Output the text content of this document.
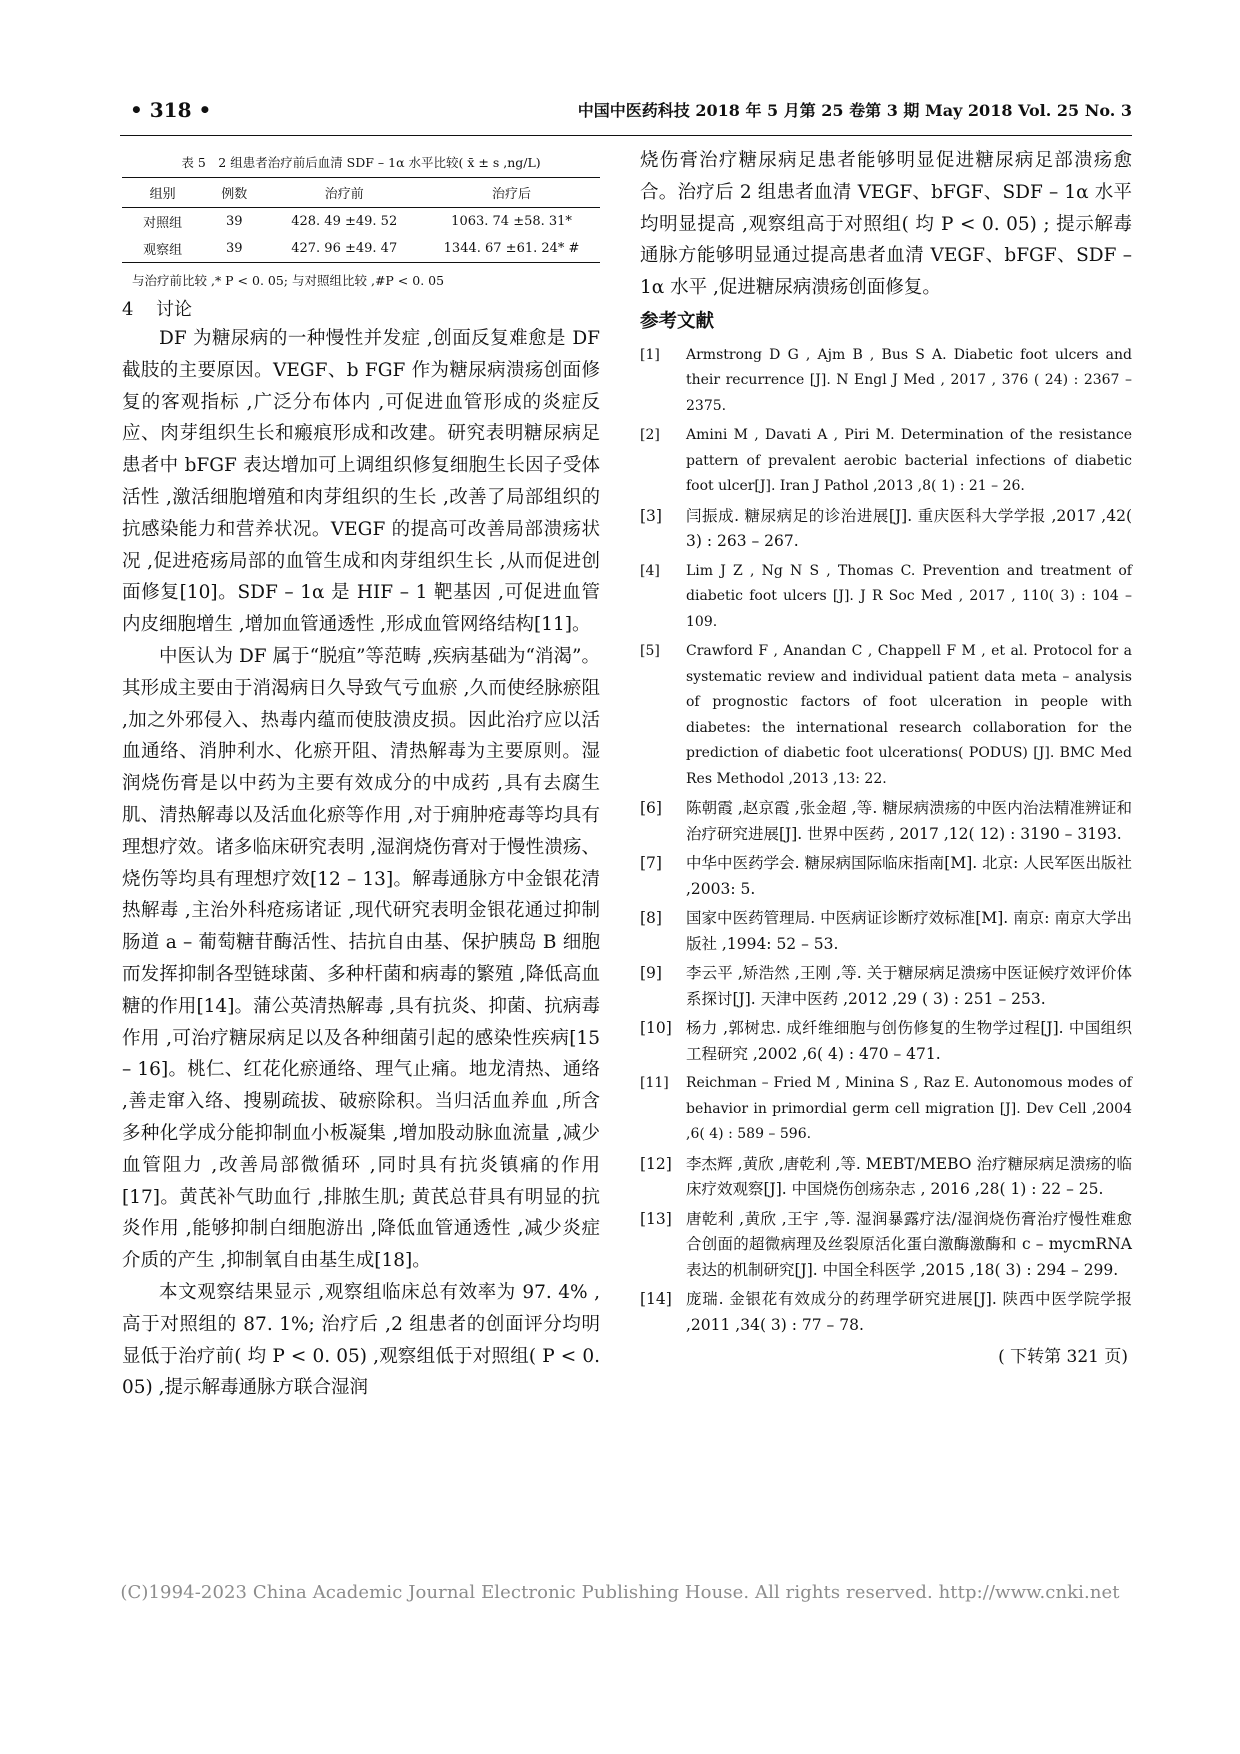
• 318 •	中国中医药科技 2018 年 5 月第 25 卷第 3 期 May 2018 Vol. 25 No. 3
表 5　2 组患者治疗前后血清 SDF – 1α 水平比较( x̄ ± s ,ng/L)
组别	例数	治疗前	治疗后
对照组	39	428. 49 ±49. 52	1063. 74 ±58. 31*
观察组	39	427. 96 ±49. 47	1344. 67 ±61. 24* #
与治疗前比较 ,* P < 0. 05; 与对照组比较 ,#P < 0. 05
4 讨论

DF 为糖尿病的一种慢性并发症 ,创面反复难愈是 DF 截肢的主要原因。VEGF、b FGF 作为糖尿病溃疡创面修复的客观指标 ,广泛分布体内 ,可促进血管形成的炎症反应、肉芽组织生长和瘢痕形成和改建。研究表明糖尿病足患者中 bFGF 表达增加可上调组织修复细胞生长因子受体活性 ,激活细胞增殖和肉芽组织的生长 ,改善了局部组织的抗感染能力和营养状况。VEGF 的提高可改善局部溃疡状况 ,促进疮疡局部的血管生成和肉芽组织生长 ,从而促进创面修复[10]。SDF – 1α 是 HIF – 1 靶基因 ,可促进血管内皮细胞增生 ,增加血管通透性 ,形成血管网络结构[11]。

中医认为 DF 属于“脱疽”等范畴 ,疾病基础为“消渴”。其形成主要由于消渴病日久导致气亏血瘀 ,久而使经脉瘀阻 ,加之外邪侵入、热毒内蕴而使肢溃皮损。因此治疗应以活血通络、消肿利水、化瘀开阻、清热解毒为主要原则。湿润烧伤膏是以中药为主要有效成分的中成药 ,具有去腐生肌、清热解毒以及活血化瘀等作用 ,对于痈肿疮毒等均具有理想疗效。诸多临床研究表明 ,湿润烧伤膏对于慢性溃疡、烧伤等均具有理想疗效[12 – 13]。解毒通脉方中金银花清热解毒 ,主治外科疮疡诸证 ,现代研究表明金银花通过抑制肠道 a – 葡萄糖苷酶活性、拮抗自由基、保护胰岛 B 细胞而发挥抑制各型链球菌、多种杆菌和病毒的繁殖 ,降低高血糖的作用[14]。蒲公英清热解毒 ,具有抗炎、抑菌、抗病毒作用 ,可治疗糖尿病足以及各种细菌引起的感染性疾病[15 – 16]。桃仁、红花化瘀通络、理气止痛。地龙清热、通络 ,善走窜入络、搜剔疏拔、破瘀除积。当归活血养血 ,所含多种化学成分能抑制血小板凝集 ,增加股动脉血流量 ,减少血管阻力 ,改善局部微循环 ,同时具有抗炎镇痛的作用[17]。黄芪补气助血行 ,排脓生肌; 黄芪总苷具有明显的抗炎作用 ,能够抑制白细胞游出 ,降低血管通透性 ,减少炎症介质的产生 ,抑制氧自由基生成[18]。

本文观察结果显示 ,观察组临床总有效率为 97. 4% ,高于对照组的 87. 1%; 治疗后 ,2 组患者的创面评分均明显低于治疗前( 均 P < 0. 05) ,观察组低于对照组( P < 0. 05) ,提示解毒通脉方联合湿润

烧伤膏治疗糖尿病足患者能够明显促进糖尿病足部溃疡愈合。治疗后 2 组患者血清 VEGF、bFGF、SDF – 1α 水平均明显提高 ,观察组高于对照组( 均 P < 0. 05) ; 提示解毒通脉方能够明显通过提高患者血清 VEGF、bFGF、SDF – 1α 水平 ,促进糖尿病溃疡创面修复。

参考文献
[1]	Armstrong D G , Ajm B , Bus S A. Diabetic foot ulcers and their recurrence [J]. N Engl J Med , 2017 , 376 ( 24) : 2367 – 2375.
[2]	Amini M , Davati A , Piri M. Determination of the resistance pattern of prevalent aerobic bacterial infections of diabetic foot ulcer[J]. Iran J Pathol ,2013 ,8( 1) : 21 – 26.
[3]	闫振成. 糖尿病足的诊治进展[J]. 重庆医科大学学报 ,2017 ,42( 3) : 263 – 267.
[4]	Lim J Z , Ng N S , Thomas C. Prevention and treatment of diabetic foot ulcers [J]. J R Soc Med , 2017 , 110( 3) : 104 – 109.
[5]	Crawford F , Anandan C , Chappell F M , et al. Protocol for a systematic review and individual patient data meta – analysis of prognostic factors of foot ulceration in people with diabetes: the international research collaboration for the prediction of diabetic foot ulcerations( PODUS) [J]. BMC Med Res Methodol ,2013 ,13: 22.
[6]	陈朝霞 ,赵京霞 ,张金超 ,等. 糖尿病溃疡的中医内治法精准辨证和治疗研究进展[J]. 世界中医药 , 2017 ,12( 12) : 3190 – 3193.
[7]	中华中医药学会. 糖尿病国际临床指南[M]. 北京: 人民军医出版社 ,2003: 5.
[8]	国家中医药管理局. 中医病证诊断疗效标准[M]. 南京: 南京大学出版社 ,1994: 52 – 53.
[9]	李云平 ,矫浩然 ,王刚 ,等. 关于糖尿病足溃疡中医证候疗效评价体系探讨[J]. 天津中医药 ,2012 ,29 ( 3) : 251 – 253.
[10] 杨力 ,郭树忠. 成纤维细胞与创伤修复的生物学过程[J]. 中国组织工程研究 ,2002 ,6( 4) : 470 – 471.
[11]	Reichman – Fried M , Minina S , Raz E. Autonomous modes of behavior in primordial germ cell migration [J]. Dev Cell ,2004 ,6( 4) : 589 – 596.
[12] 李杰辉 ,黄欣 ,唐乾利 ,等. MEBT/MEBO 治疗糖尿病足溃疡的临床疗效观察[J]. 中国烧伤创疡杂志 , 2016 ,28( 1) : 22 – 25.
[13] 唐乾利 ,黄欣 ,王宇 ,等. 湿润暴露疗法/湿润烧伤膏治疗慢性难愈合创面的超微病理及丝裂原活化蛋白激酶激酶和 c – mycmRNA 表达的机制研究[J]. 中国全科医学 ,2015 ,18( 3) : 294 – 299.
[14] 庞瑞. 金银花有效成分的药理学研究进展[J]. 陕西中医学院学报 ,2011 ,34( 3) : 77 – 78.
( 下转第 321 页)
(C)1994-2023 China Academic Journal Electronic Publishing House. All rights reserved. http://www.cnki.net
